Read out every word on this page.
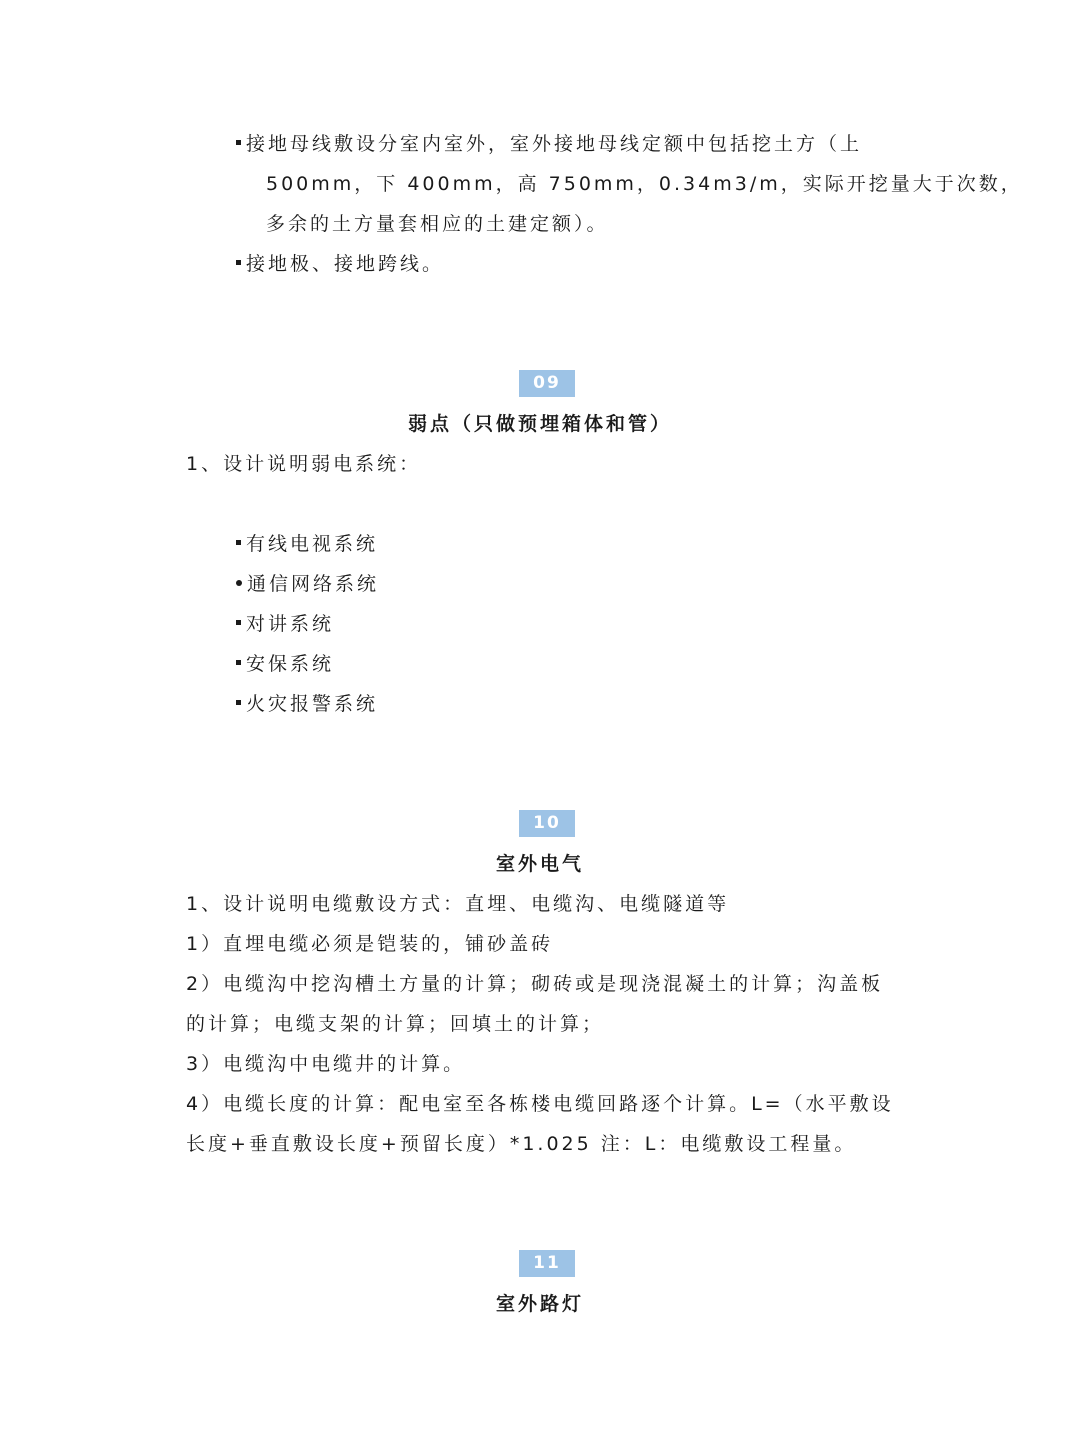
接地母线敷设分室内室外，室外接地母线定额中包括挖土方（上
500mm，下 400mm，高 750mm，0.34m3/m，实际开挖量大于次数，
多余的土方量套相应的土建定额）。
接地极、接地跨线。
09
弱点（只做预埋箱体和管）
1、设计说明弱电系统：
有线电视系统
通信网络系统
对讲系统
安保系统
火灾报警系统
10
室外电气
1、设计说明电缆敷设方式：直埋、电缆沟、电缆隧道等
1）直埋电缆必须是铠装的，铺砂盖砖
2）电缆沟中挖沟槽土方量的计算；砌砖或是现浇混凝土的计算；沟盖板
的计算；电缆支架的计算；回填土的计算；
3）电缆沟中电缆井的计算。
4）电缆长度的计算：配电室至各栋楼电缆回路逐个计算。L=（水平敷设
长度+垂直敷设长度+预留长度）*1.025 注：L：电缆敷设工程量。
11
室外路灯
